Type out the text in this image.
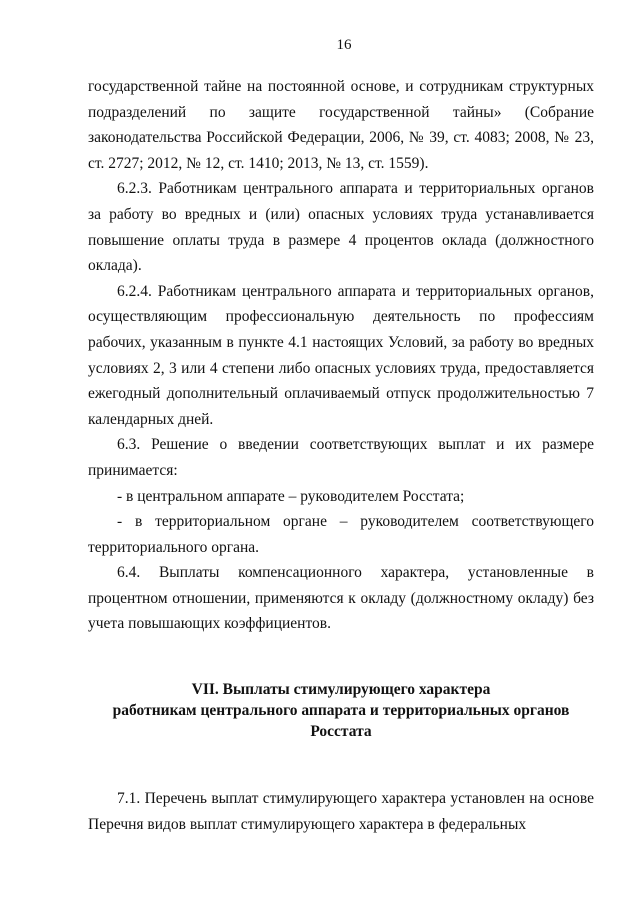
16

государственной тайне на постоянной основе, и сотрудникам структурных подразделений по защите государственной тайны» (Собрание законодательства Российской Федерации, 2006, № 39, ст. 4083; 2008, № 23, ст. 2727; 2012, № 12, ст. 1410; 2013, № 13, ст. 1559).

6.2.3. Работникам центрального аппарата и территориальных органов за работу во вредных и (или) опасных условиях труда устанавливается повышение оплаты труда в размере 4 процентов оклада (должностного оклада).

6.2.4. Работникам центрального аппарата и территориальных органов, осуществляющим профессиональную деятельность по профессиям рабочих, указанным в пункте 4.1 настоящих Условий, за работу во вредных условиях 2, 3 или 4 степени либо опасных условиях труда, предоставляется ежегодный дополнительный оплачиваемый отпуск продолжительностью 7 календарных дней.

6.3. Решение о введении соответствующих выплат и их размере принимается:

- в центральном аппарате – руководителем Росстата;

- в территориальном органе – руководителем соответствующего территориального органа.

6.4. Выплаты компенсационного характера, установленные в процентном отношении, применяются к окладу (должностному окладу) без учета повышающих коэффициентов.

VII. Выплаты стимулирующего характера
работникам центрального аппарата и территориальных органов Росстата

7.1. Перечень выплат стимулирующего характера установлен на основе Перечня видов выплат стимулирующего характера в федеральных
